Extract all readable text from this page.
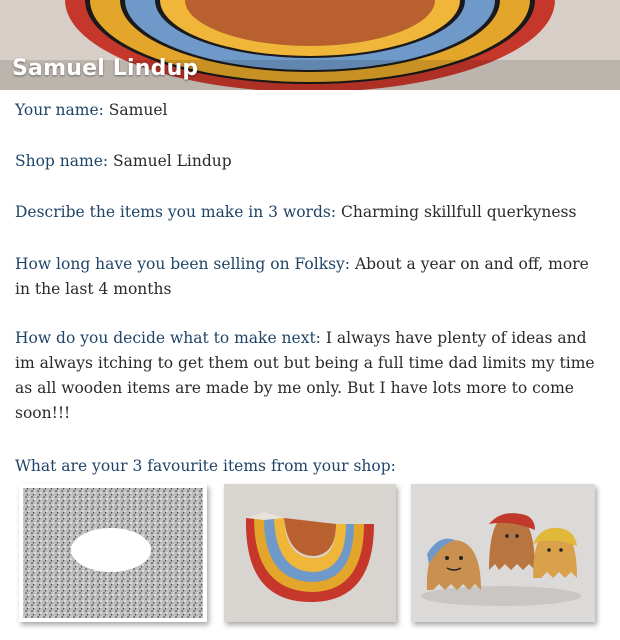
Samuel Lindup
Your name: Samuel
Shop name: Samuel Lindup
Describe the items you make in 3 words: Charming skillfull querkyness
How long have you been selling on Folksy: About a year on and off, more in the last 4 months
How do you decide what to make next: I always have plenty of ideas and im always itching to get them out but being a full time dad limits my time as all wooden items are made by me only. But I have lots more to come soon!!!
What are your 3 favourite items from your shop:
